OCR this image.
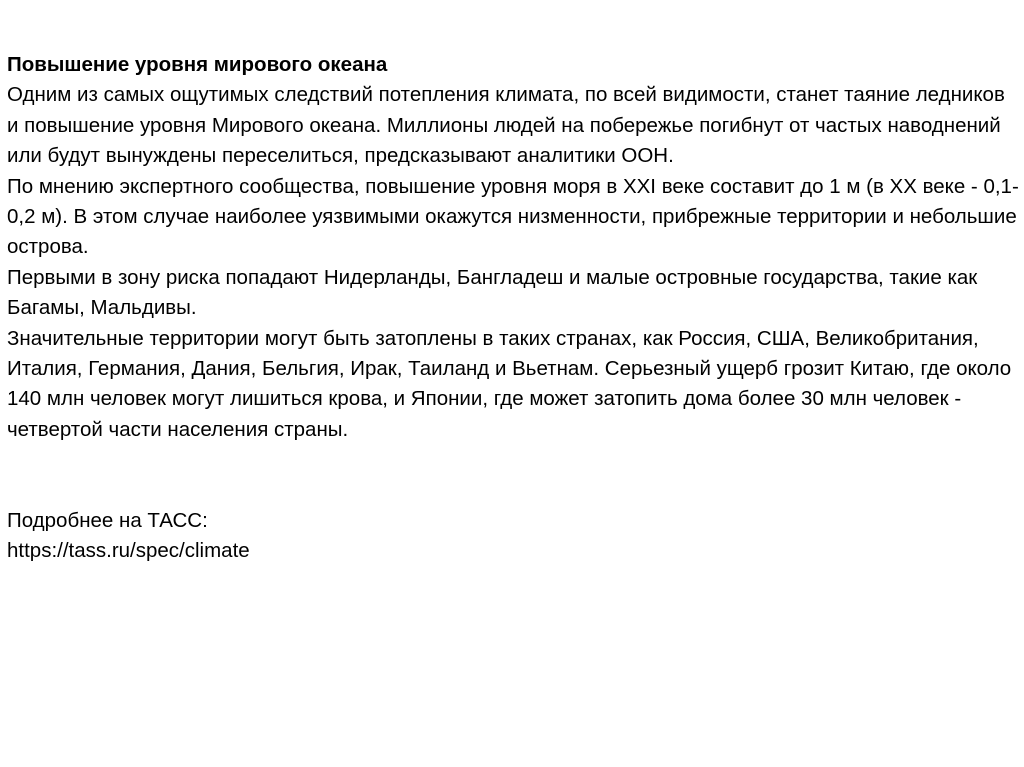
Повышение уровня мирового океана

Одним из самых ощутимых следствий потепления климата, по всей видимости, станет таяние ледников и повышение уровня Мирового океана. Миллионы людей на побережье погибнут от частых наводнений или будут вынуждены переселиться, предсказывают аналитики ООН.

По мнению экспертного сообщества, повышение уровня моря в XXI веке составит до 1 м (в XX веке - 0,1-0,2 м). В этом случае наиболее уязвимыми окажутся низменности, прибрежные территории и небольшие острова.

Первыми в зону риска попадают Нидерланды, Бангладеш и малые островные государства, такие как Багамы, Мальдивы.

Значительные территории могут быть затоплены в таких странах, как Россия, США, Великобритания, Италия, Германия, Дания, Бельгия, Ирак, Таиланд и Вьетнам. Серьезный ущерб грозит Китаю, где около 140 млн человек могут лишиться крова, и Японии, где может затопить дома более 30 млн человек - четвертой части населения страны.

Подробнее на ТАСС:

https://tass.ru/spec/climate
